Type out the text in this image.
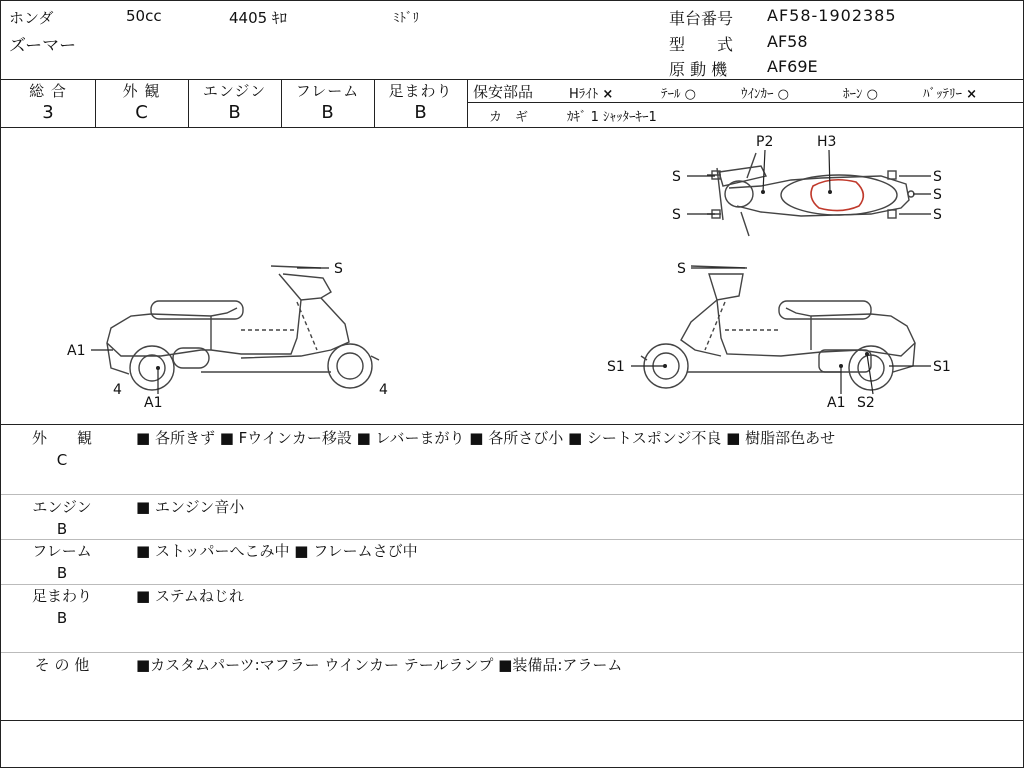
ホンダ	50cc	4405 ｷﾛ	ﾐﾄﾞﾘ
ズーマー
車台番号 AF58-1902385
型　　式 AF58
原 動 機 AF69E
総 合
3
外 観
C
エンジン
B
フレーム
B
足まわり
B
保安部品	Hﾗｲﾄ ×	ﾃｰﾙ ○	ｳｲﾝｶｰ ○	ﾎｰﾝ ○	ﾊﾞｯﾃﾘｰ ×
カ　ギ	ｶｷﾞ 1 ｼｬｯﾀｰｷｰ1
P2	H3
S
S
S
S
S
S
A1
A1
4	4
S
S1	S1
A1 S2
外　　観
C
■ 各所きず ■ Fウインカー移設 ■ レバーまがり ■ 各所さび小 ■ シートスポンジ不良 ■ 樹脂部色あせ
エンジン
B
■ エンジン音小
フレーム
B
■ ストッパーへこみ中 ■ フレームさび中
足まわり
B
■ ステムねじれ
そ の 他	■カスタムパーツ:マフラー ウインカー テールランプ ■装備品:アラーム
